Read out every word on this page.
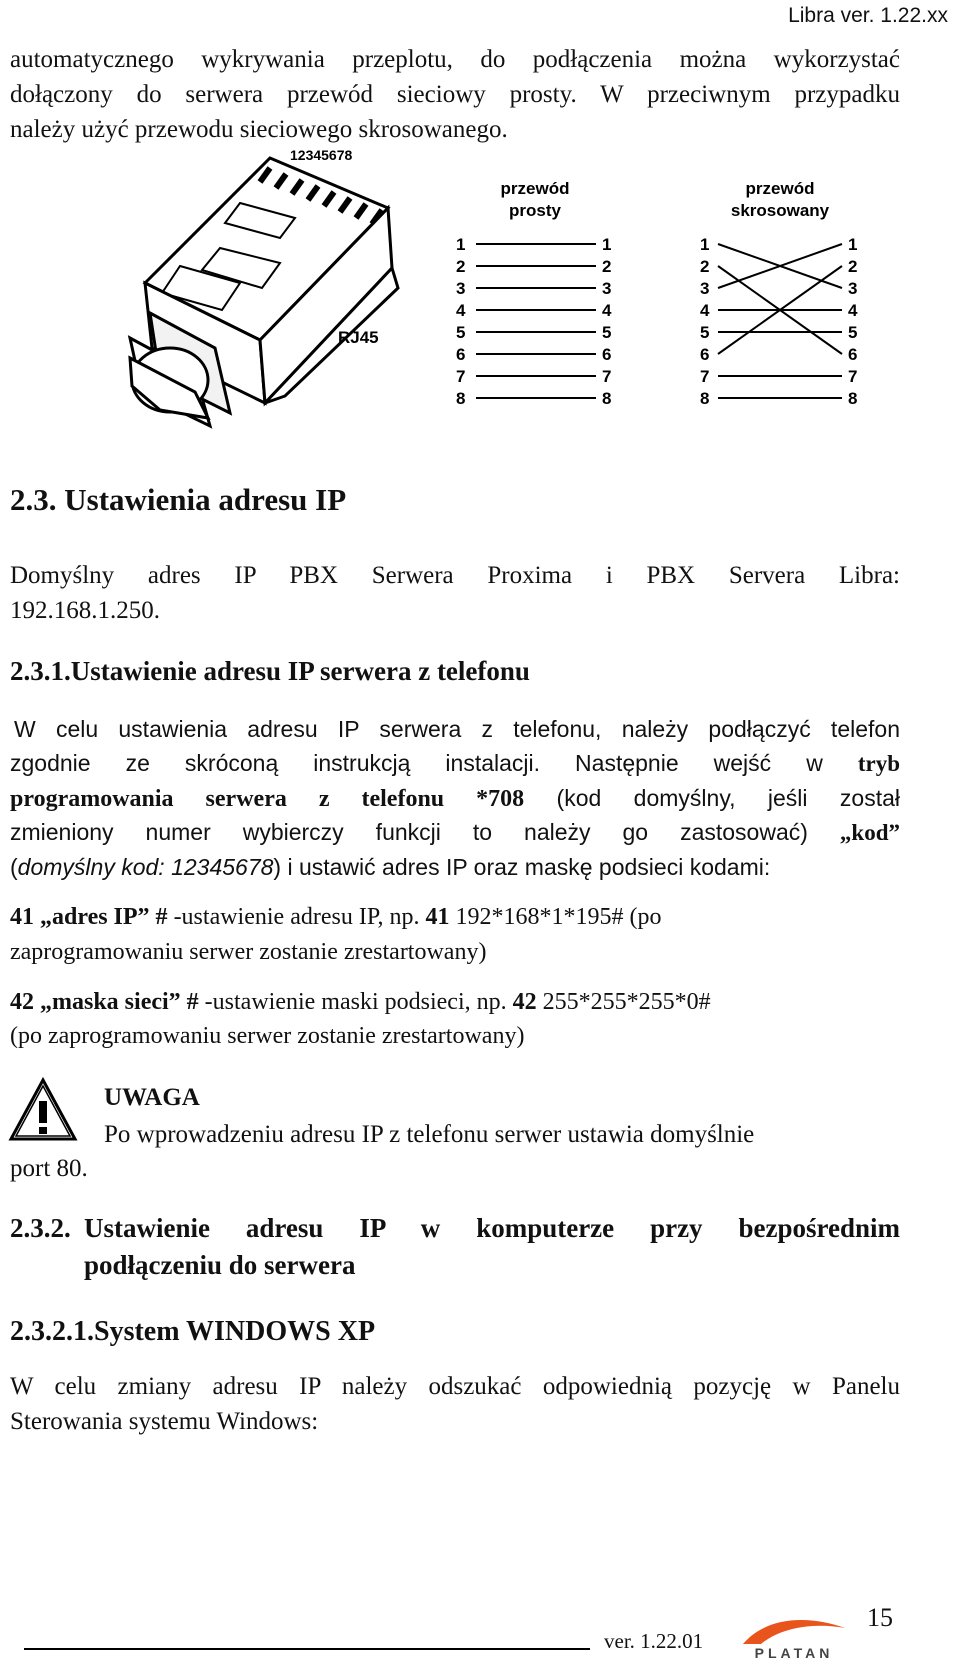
Libra ver. 1.22.xx
automatycznego wykrywania przeplotu, do podłączenia można wykorzystać
dołączony do serwera przewód sieciowy prosty. W przeciwnym przypadku
należy użyć przewodu sieciowego skrosowanego.
RJ45
12345678
przewód
prosty
przewód
skrosowany
1	1	1	1
2	2	2	2
3	3	3	3
4	4	4	4
5	5	5	5
6	6	6	6
7	7	7	7
8	8	8	8
2.3. Ustawienia adresu IP
Domyślny adres IP PBX Serwera Proxima i PBX Servera Libra:
192.168.1.250.
2.3.1.Ustawienie adresu IP serwera z telefonu
W celu ustawienia adresu IP serwera z telefonu, należy podłączyć telefon
zgodnie ze skróconą instrukcją instalacji. Następnie wejść w tryb
programowania serwera z telefonu *708 (kod domyślny, jeśli został
zmieniony numer wybierczy funkcji to należy go zastosować) „kod”
(domyślny kod: 12345678) i ustawić adres IP oraz maskę podsieci kodami:
41 „adres IP” # -ustawienie adresu IP, np. 41 192*168*1*195# (po
zaprogramowaniu serwer zostanie zrestartowany)
42 „maska sieci” # -ustawienie maski podsieci, np. 42 255*255*255*0#
(po zaprogramowaniu serwer zostanie zrestartowany)
UWAGA
Po wprowadzeniu adresu IP z telefonu serwer ustawia domyślnie
port 80.
2.3.2. Ustawienie adresu IP w komputerze przy bezpośrednim
podłączeniu do serwera
2.3.2.1.System WINDOWS XP
W celu zmiany adresu IP należy odszukać odpowiednią pozycję w Panelu
Sterowania systemu Windows:
ver. 1.22.01	PLATAN
15
